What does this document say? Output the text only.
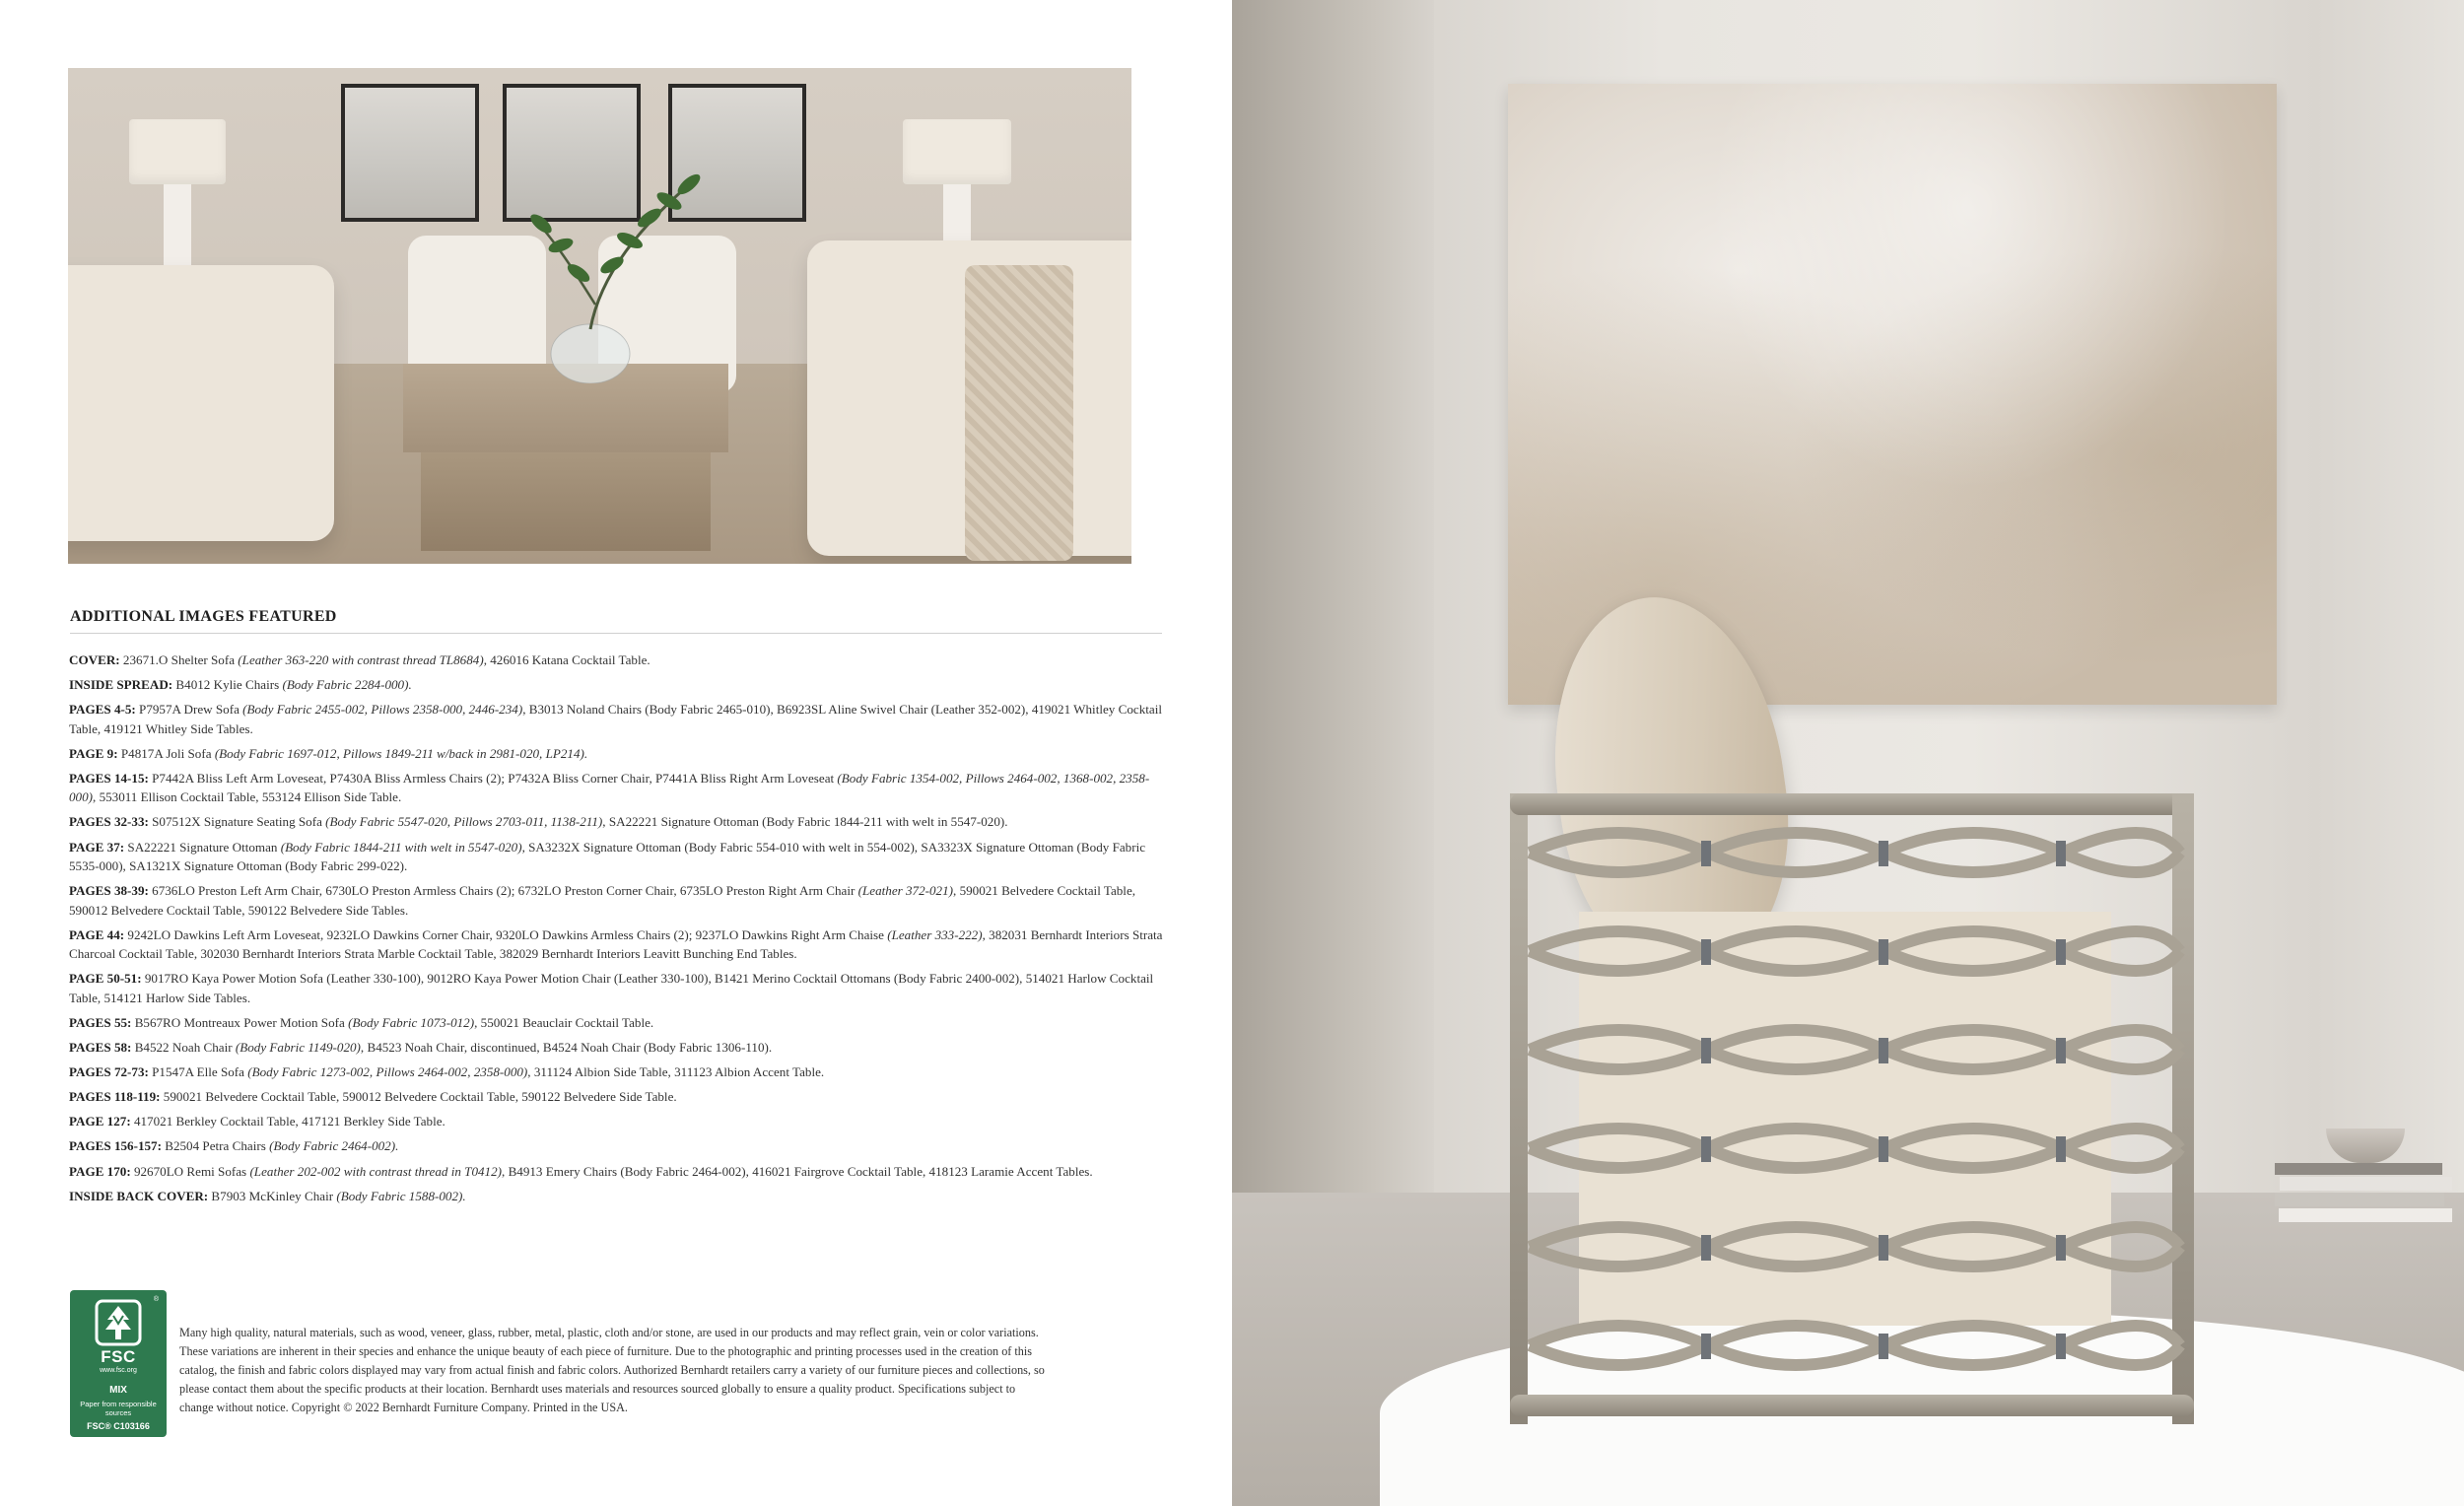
ADDITIONAL IMAGES FEATURED

COVER: 23671.O Shelter Sofa (Leather 363-220 with contrast thread TL8684), 426016 Katana Cocktail Table.

INSIDE SPREAD: B4012 Kylie Chairs (Body Fabric 2284-000).

PAGES 4-5: P7957A Drew Sofa (Body Fabric 2455-002, Pillows 2358-000, 2446-234), B3013 Noland Chairs (Body Fabric 2465-010), B6923SL Aline Swivel Chair (Leather 352-002), 419021 Whitley Cocktail Table, 419121 Whitley Side Tables.

PAGE 9: P4817A Joli Sofa (Body Fabric 1697-012, Pillows 1849-211 w/back in 2981-020, LP214).

PAGES 14-15: P7442A Bliss Left Arm Loveseat, P7430A Bliss Armless Chairs (2); P7432A Bliss Corner Chair, P7441A Bliss Right Arm Loveseat (Body Fabric 1354-002, Pillows 2464-002, 1368-002, 2358-000), 553011 Ellison Cocktail Table, 553124 Ellison Side Table.

PAGES 32-33: S07512X Signature Seating Sofa (Body Fabric 5547-020, Pillows 2703-011, 1138-211), SA22221 Signature Ottoman (Body Fabric 1844-211 with welt in 5547-020).

PAGE 37: SA22221 Signature Ottoman (Body Fabric 1844-211 with welt in 5547-020), SA3232X Signature Ottoman (Body Fabric 554-010 with welt in 554-002), SA3323X Signature Ottoman (Body Fabric 5535-000), SA1321X Signature Ottoman (Body Fabric 299-022).

PAGES 38-39: 6736LO Preston Left Arm Chair, 6730LO Preston Armless Chairs (2); 6732LO Preston Corner Chair, 6735LO Preston Right Arm Chair (Leather 372-021), 590021 Belvedere Cocktail Table, 590012 Belvedere Cocktail Table, 590122 Belvedere Side Tables.

PAGE 44: 9242LO Dawkins Left Arm Loveseat, 9232LO Dawkins Corner Chair, 9320LO Dawkins Armless Chairs (2); 9237LO Dawkins Right Arm Chaise (Leather 333-222), 382031 Bernhardt Interiors Strata Charcoal Cocktail Table, 302030 Bernhardt Interiors Strata Marble Cocktail Table, 382029 Bernhardt Interiors Leavitt Bunching End Tables.

PAGE 50-51: 9017RO Kaya Power Motion Sofa (Leather 330-100), 9012RO Kaya Power Motion Chair (Leather 330-100), B1421 Merino Cocktail Ottomans (Body Fabric 2400-002), 514021 Harlow Cocktail Table, 514121 Harlow Side Tables.

PAGES 55: B567RO Montreaux Power Motion Sofa (Body Fabric 1073-012), 550021 Beauclair Cocktail Table.

PAGES 58: B4522 Noah Chair (Body Fabric 1149-020), B4523 Noah Chair, discontinued, B4524 Noah Chair (Body Fabric 1306-110).

PAGES 72-73: P1547A Elle Sofa (Body Fabric 1273-002, Pillows 2464-002, 2358-000), 311124 Albion Side Table, 311123 Albion Accent Table.

PAGES 118-119: 590021 Belvedere Cocktail Table, 590012 Belvedere Cocktail Table, 590122 Belvedere Side Table.

PAGE 127: 417021 Berkley Cocktail Table, 417121 Berkley Side Table.

PAGES 156-157: B2504 Petra Chairs (Body Fabric 2464-002).

PAGE 170: 92670LO Remi Sofas (Leather 202-002 with contrast thread in T0412), B4913 Emery Chairs (Body Fabric 2464-002), 416021 Fairgrove Cocktail Table, 418123 Laramie Accent Tables.

INSIDE BACK COVER: B7903 McKinley Chair (Body Fabric 1588-002).

®
FSC
www.fsc.org
MIX
Paper from responsible sources
FSC® C103166
Many high quality, natural materials, such as wood, veneer, glass, rubber, metal, plastic, cloth and/or stone, are used in our products and may reflect grain, vein or color variations. These variations are inherent in their species and enhance the unique beauty of each piece of furniture. Due to the photographic and printing processes used in the creation of this catalog, the finish and fabric colors displayed may vary from actual finish and fabric colors. Authorized Bernhardt retailers carry a variety of our furniture pieces and collections, so please contact them about the specific products at their location. Bernhardt uses materials and resources sourced globally to ensure a quality product. Specifications subject to change without notice. Copyright © 2022 Bernhardt Furniture Company. Printed in the USA.
